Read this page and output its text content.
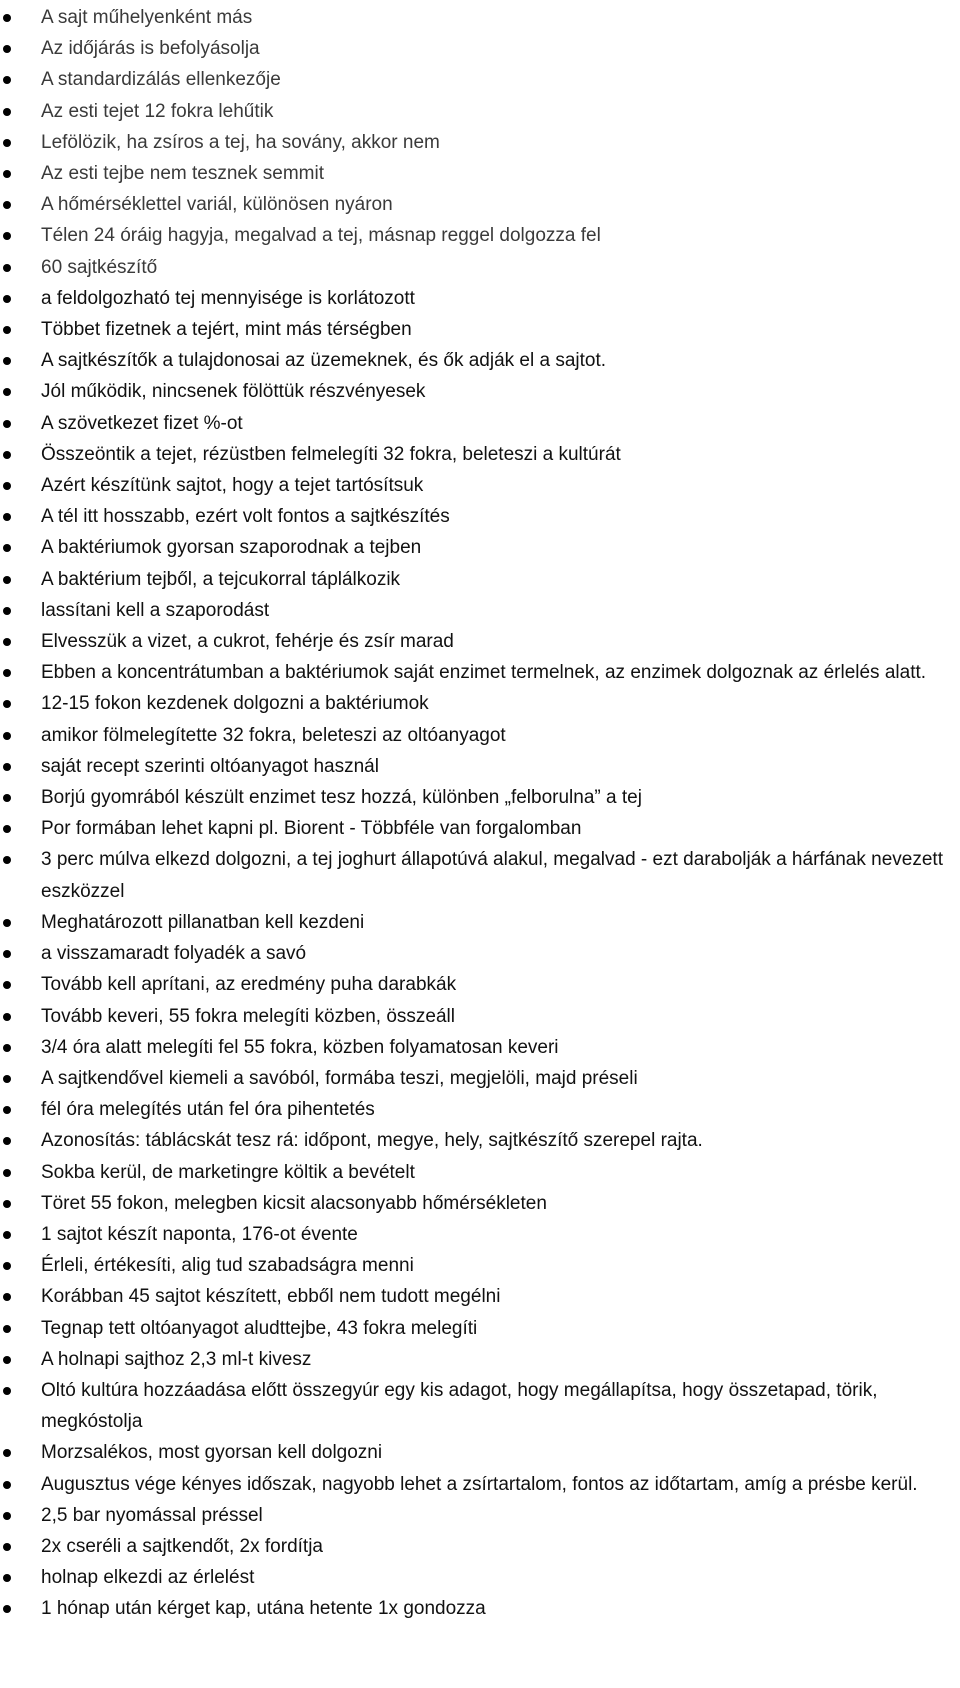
A sajt műhelyenként más
Az időjárás is befolyásolja
A standardizálás ellenkezője
Az esti tejet 12 fokra lehűtik
Lefölözik, ha zsíros a tej, ha sovány, akkor nem
Az esti tejbe nem tesznek semmit
A hőmérséklettel variál, különösen nyáron
Télen 24 óráig hagyja, megalvad a tej, másnap reggel dolgozza fel
60 sajtkészítő
a feldolgozható tej mennyisége is korlátozott
Többet fizetnek a tejért, mint más térségben
A sajtkészítők a tulajdonosai az üzemeknek, és ők adják el a sajtot.
Jól működik, nincsenek fölöttük részvényesek
A szövetkezet fizet %-ot
Összeöntik a tejet, rézüstben felmelegíti 32 fokra, beleteszi a kultúrát
Azért készítünk sajtot, hogy a tejet tartósítsuk
A tél itt hosszabb, ezért volt fontos a sajtkészítés
A baktériumok gyorsan szaporodnak a tejben
A baktérium tejből, a tejcukorral táplálkozik
lassítani kell a szaporodást
Elvesszük a vizet, a cukrot, fehérje és zsír marad
Ebben a koncentrátumban a baktériumok saját enzimet termelnek, az enzimek dolgoznak az érlelés alatt.
12-15 fokon kezdenek dolgozni a baktériumok
amikor fölmelegítette 32 fokra, beleteszi az oltóanyagot
saját recept szerinti oltóanyagot használ
Borjú gyomrából készült enzimet tesz hozzá, különben „felborulna” a tej
Por formában lehet kapni pl. Biorent - Többféle van forgalomban
3 perc múlva elkezd dolgozni, a tej joghurt állapotúvá alakul, megalvad - ezt darabolják a hárfának nevezett eszközzel
Meghatározott pillanatban kell kezdeni
a visszamaradt folyadék a savó
Tovább kell aprítani, az eredmény puha darabkák
Tovább keveri, 55 fokra melegíti közben, összeáll
3/4 óra alatt melegíti fel 55 fokra, közben folyamatosan keveri
A sajtkendővel kiemeli a savóból, formába teszi, megjelöli, majd préseli
fél óra melegítés után fel óra pihentetés
Azonosítás: táblácskát tesz rá: időpont, megye, hely, sajtkészítő szerepel rajta.
Sokba kerül, de marketingre költik a bevételt
Töret 55 fokon, melegben kicsit alacsonyabb hőmérsékleten
1 sajtot készít naponta, 176-ot évente
Érleli, értékesíti, alig tud szabadságra menni
Korábban 45 sajtot készített, ebből nem tudott megélni
Tegnap tett oltóanyagot aludttejbe, 43 fokra melegíti
A holnapi sajthoz 2,3 ml-t kivesz
Oltó kultúra hozzáadása előtt összegyúr egy kis adagot, hogy megállapítsa, hogy összetapad, törik, megkóstolja
Morzsalékos, most gyorsan kell dolgozni
Augusztus vége kényes időszak, nagyobb lehet a zsírtartalom, fontos az időtartam, amíg a présbe kerül.
2,5 bar nyomással préssel
2x cseréli a sajtkendőt, 2x fordítja
holnap elkezdi az érlelést
1 hónap után kérget kap, utána hetente 1x gondozza
